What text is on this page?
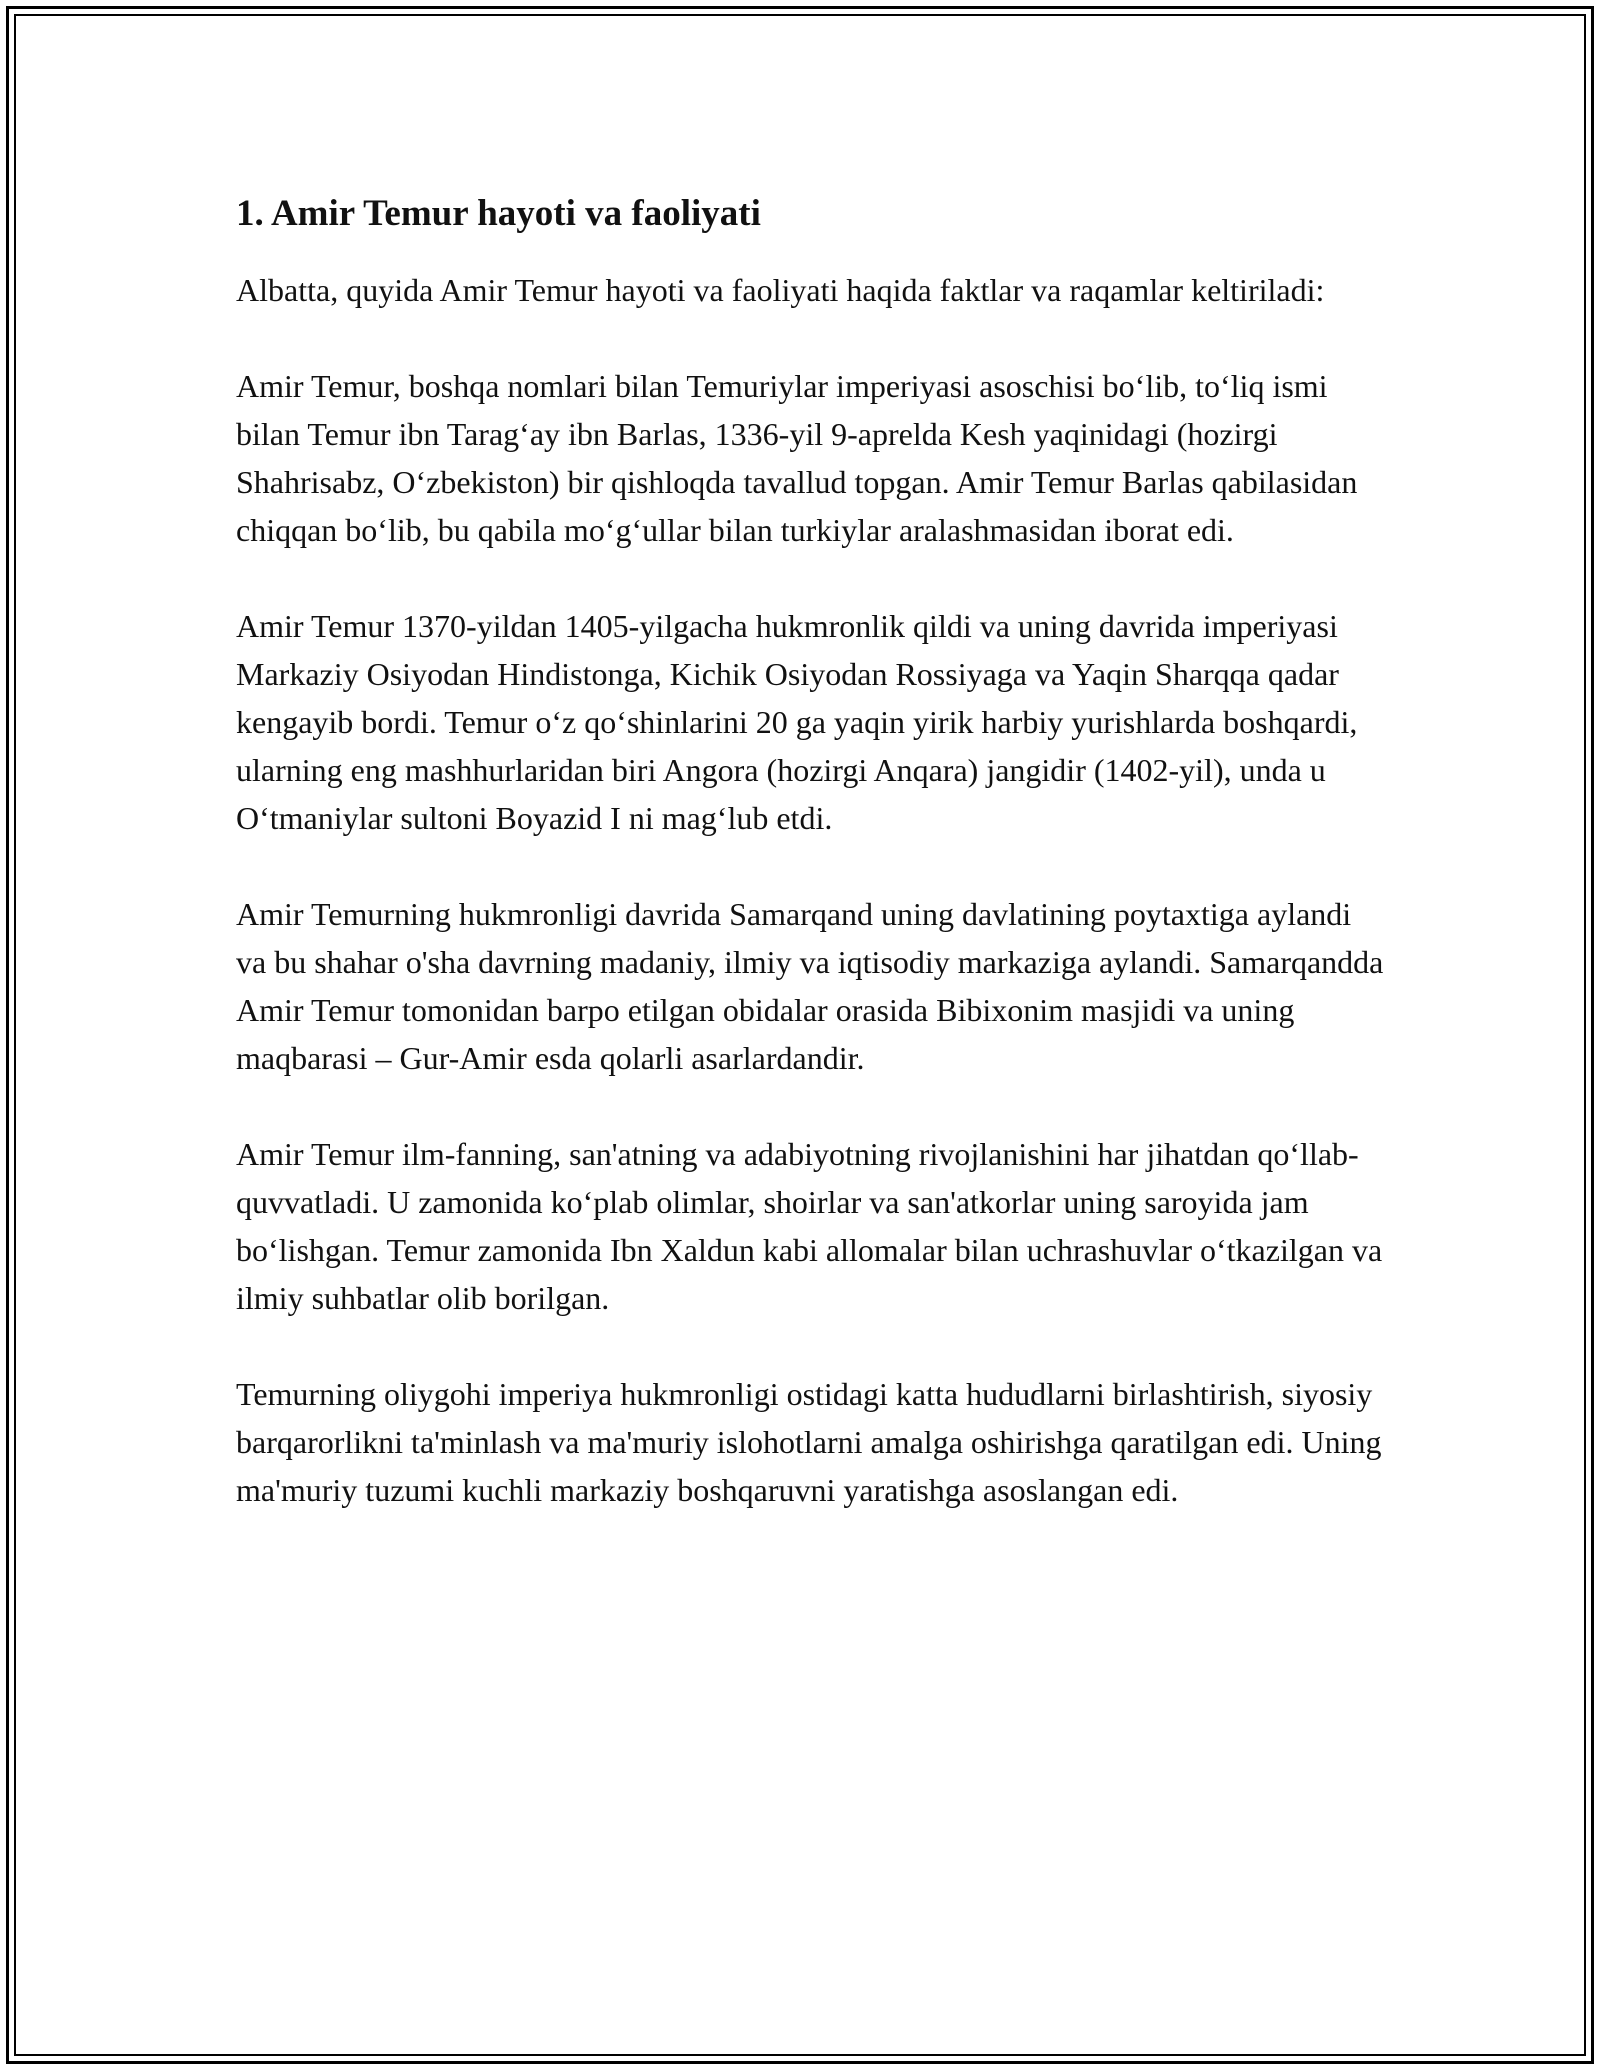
1. Amir Temur hayoti va faoliyati

Albatta, quyida Amir Temur hayoti va faoliyati haqida faktlar va raqamlar keltiriladi:

Amir Temur, boshqa nomlari bilan Temuriylar imperiyasi asoschisi bo‘lib, to‘liq ismi bilan Temur ibn Tarag‘ay ibn Barlas, 1336-yil 9-aprelda Kesh yaqinidagi (hozirgi Shahrisabz, O‘zbekiston) bir qishloqda tavallud topgan. Amir Temur Barlas qabilasidan chiqqan bo‘lib, bu qabila mo‘g‘ullar bilan turkiylar aralashmasidan iborat edi.

Amir Temur 1370-yildan 1405-yilgacha hukmronlik qildi va uning davrida imperiyasi Markaziy Osiyodan Hindistonga, Kichik Osiyodan Rossiyaga va Yaqin Sharqqa qadar kengayib bordi. Temur o‘z qo‘shinlarini 20 ga yaqin yirik harbiy yurishlarda boshqardi, ularning eng mashhurlaridan biri Angora (hozirgi Anqara) jangidir (1402-yil), unda u O‘tmaniylar sultoni Boyazid I ni mag‘lub etdi.

Amir Temurning hukmronligi davrida Samarqand uning davlatining poytaxtiga aylandi va bu shahar o'sha davrning madaniy, ilmiy va iqtisodiy markaziga aylandi. Samarqandda Amir Temur tomonidan barpo etilgan obidalar orasida Bibixonim masjidi va uning maqbarasi – Gur-Amir esda qolarli asarlardandir.

Amir Temur ilm-fanning, san'atning va adabiyotning rivojlanishini har jihatdan qo‘llab-quvvatladi. U zamonida ko‘plab olimlar, shoirlar va san'atkorlar uning saroyida jam bo‘lishgan. Temur zamonida Ibn Xaldun kabi allomalar bilan uchrashuvlar o‘tkazilgan va ilmiy suhbatlar olib borilgan.

Temurning oliygohi imperiya hukmronligi ostidagi katta hududlarni birlashtirish, siyosiy barqarorlikni ta'minlash va ma'muriy islohotlarni amalga oshirishga qaratilgan edi. Uning ma'muriy tuzumi kuchli markaziy boshqaruvni yaratishga asoslangan edi.
